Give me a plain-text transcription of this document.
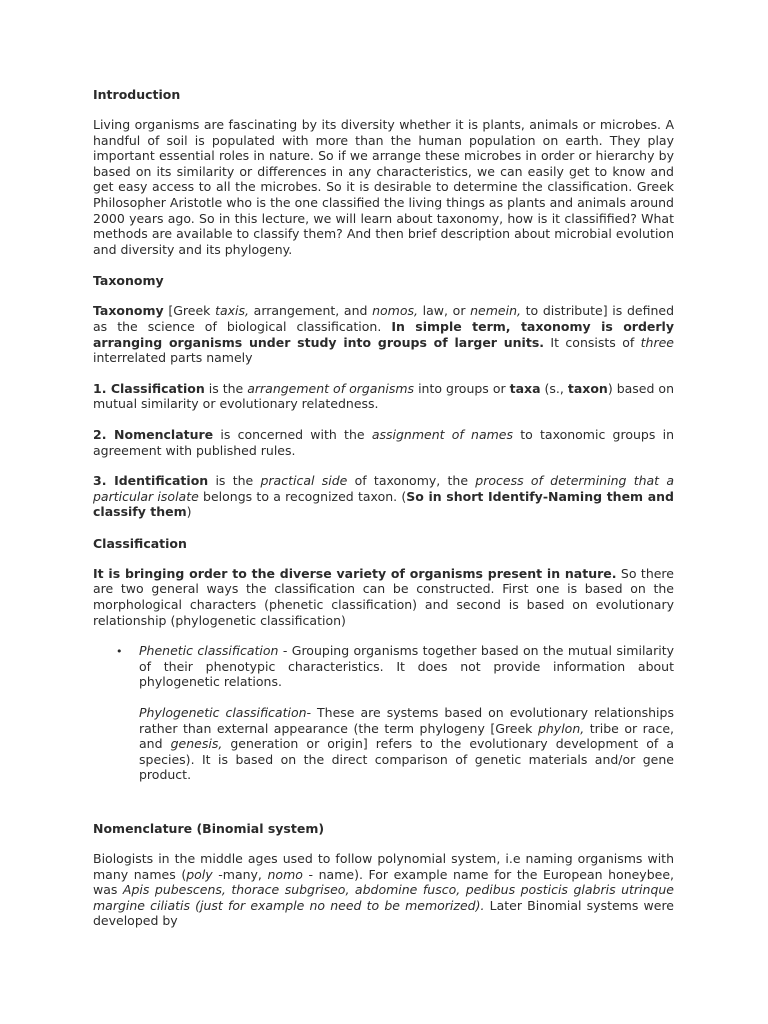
Introduction

Living organisms are fascinating by its diversity whether it is plants, animals or microbes. A handful of soil is populated with more than the human population on earth. They play important essential roles in nature. So if we arrange these microbes in order or hierarchy by based on its similarity or differences in any characteristics, we can easily get to know and get easy access to all the microbes. So it is desirable to determine the classification. Greek Philosopher Aristotle who is the one classified the living things as plants and animals around 2000 years ago. So in this lecture, we will learn about taxonomy, how is it classifified? What methods are available to classify them? And then brief description about microbial evolution and diversity and its phylogeny.

Taxonomy

Taxonomy [Greek taxis, arrangement, and nomos, law, or nemein, to distribute] is defined as the science of biological classification. In simple term, taxonomy is orderly arranging organisms under study into groups of larger units. It consists of three interrelated parts namely

1. Classification is the arrangement of organisms into groups or taxa (s., taxon) based on mutual similarity or evolutionary relatedness.

2. Nomenclature is concerned with the assignment of names to taxonomic groups in agreement with published rules.

3. Identification is the practical side of taxonomy, the process of determining that a particular isolate belongs to a recognized taxon. (So in short Identify-Naming them and classify them)

Classification

It is bringing order to the diverse variety of organisms present in nature. So there are two general ways the classification can be constructed. First one is based on the morphological characters (phenetic classification) and second is based on evolutionary relationship (phylogenetic classification)

• Phenetic classification - Grouping organisms together based on the mutual similarity of their phenotypic characteristics. It does not provide information about phylogenetic relations.

Phylogenetic classification- These are systems based on evolutionary relationships rather than external appearance (the term phylogeny [Greek phylon, tribe or race, and genesis, generation or origin] refers to the evolutionary development of a species). It is based on the direct comparison of genetic materials and/or gene product.

Nomenclature (Binomial system)

Biologists in the middle ages used to follow polynomial system, i.e naming organisms with many names (poly -many, nomo - name). For example name for the European honeybee, was Apis pubescens, thorace subgriseo, abdomine fusco, pedibus posticis glabris utrinque margine ciliatis (just for example no need to be memorized). Later Binomial systems were developed by
